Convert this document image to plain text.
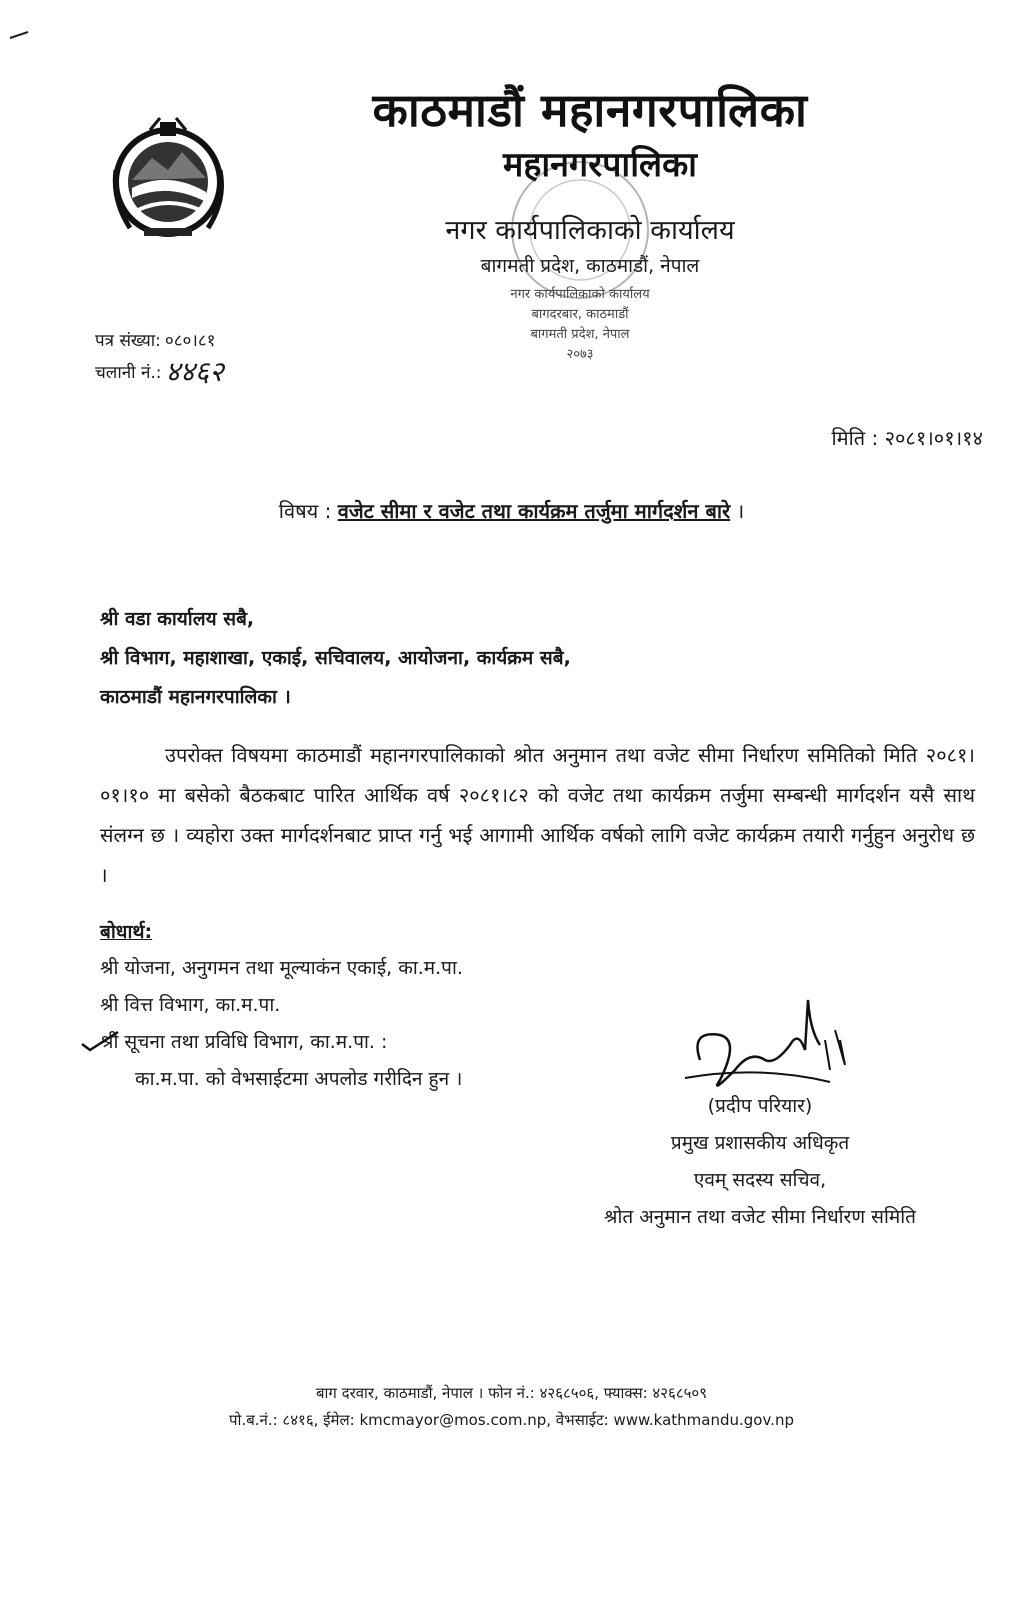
नगर कार्यपालिकाको कार्यालय
बागदरबार, काठमाडौं
बागमती प्रदेश, नेपाल
२०७३
काठमाडौं महानगरपालिका
महानगरपालिका
नगर कार्यपालिकाको कार्यालय
बागमती प्रदेश, काठमाडौं, नेपाल
पत्र संख्या: ०८०।८१
चलानी नं.: ४४६२
मिति : २०८१।०१।१४
विषय : वजेट सीमा र वजेट तथा कार्यक्रम तर्जुमा मार्गदर्शन बारे ।
श्री वडा कार्यालय सबै,
श्री विभाग, महाशाखा, एकाई, सचिवालय, आयोजना, कार्यक्रम सबै,
काठमाडौं महानगरपालिका ।
उपरोक्त विषयमा काठमाडौं महानगरपालिकाको श्रोत अनुमान तथा वजेट सीमा निर्धारण समितिको मिति २०८१।०१।१० मा बसेको बैठकबाट पारित आर्थिक वर्ष २०८१।८२ को वजेट तथा कार्यक्रम तर्जुमा सम्बन्धी मार्गदर्शन यसै साथ संलग्न छ । व्यहोरा उक्त मार्गदर्शनबाट प्राप्त गर्नु भई आगामी आर्थिक वर्षको लागि वजेट कार्यक्रम तयारी गर्नुहुन अनुरोध छ ।
बोधार्थ:
श्री योजना, अनुगमन तथा मूल्याकंन एकाई, का.म.पा.
श्री वित्त विभाग, का.म.पा.
श्री सूचना तथा प्रविधि विभाग, का.म.पा. :
का.म.पा. को वेभसाईटमा अपलोड गरीदिन हुन ।
(प्रदीप परियार)
प्रमुख प्रशासकीय अधिकृत
एवम् सदस्य सचिव,
श्रोत अनुमान तथा वजेट सीमा निर्धारण समिति
बाग दरवार, काठमाडौं, नेपाल । फोन नं.: ४२६८५०६, फ्याक्स: ४२६८५०९
पो.ब.नं.: ८४१६, ईमेल: kmcmayor@mos.com.np, वेभसाईट: www.kathmandu.gov.np
